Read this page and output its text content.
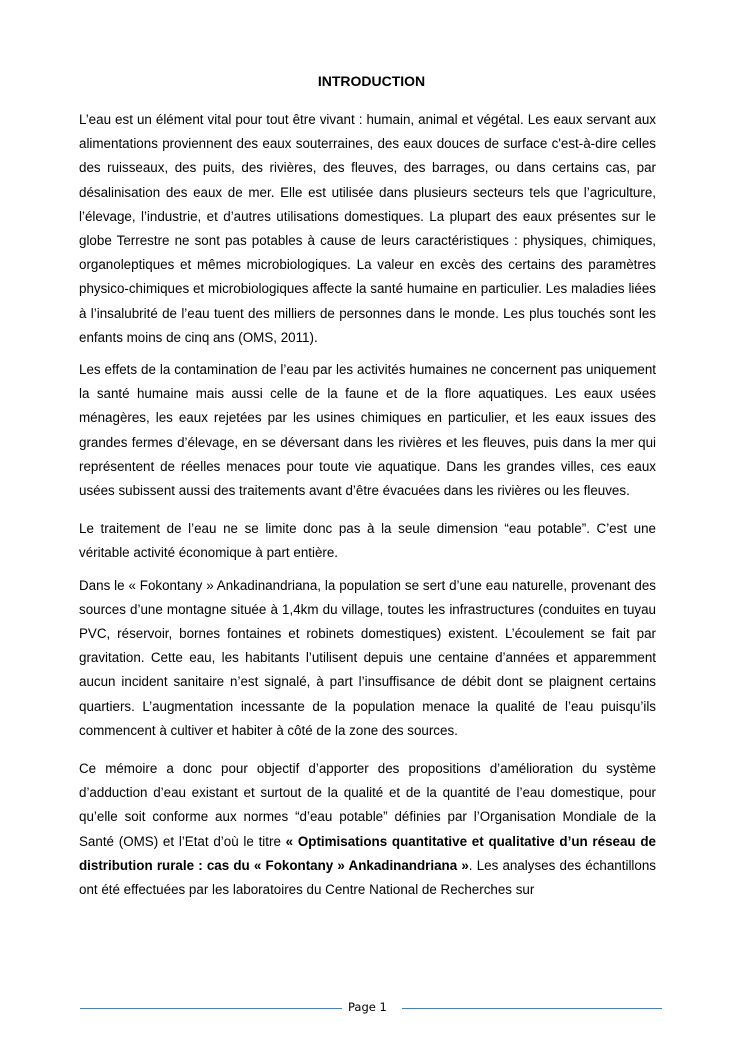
INTRODUCTION

L’eau est un élément vital pour tout être vivant : humain, animal et végétal. Les eaux servant aux alimentations proviennent des eaux souterraines, des eaux douces de surface c'est-à-dire celles des ruisseaux, des puits, des rivières, des fleuves, des barrages, ou dans certains cas, par désalinisation des eaux de mer. Elle est utilisée dans plusieurs secteurs tels que l’agriculture, l’élevage, l’industrie, et d’autres utilisations domestiques. La plupart des eaux présentes sur le globe Terrestre ne sont pas potables à cause de leurs caractéristiques : physiques, chimiques, organoleptiques et mêmes microbiologiques. La valeur en excès des certains des paramètres physico-chimiques et microbiologiques affecte la santé humaine en particulier. Les maladies liées à l’insalubrité de l’eau tuent des milliers de personnes dans le monde. Les plus touchés sont les enfants moins de cinq ans (OMS, 2011).

Les effets de la contamination de l’eau par les activités humaines ne concernent pas uniquement la santé humaine mais aussi celle de la faune et de la flore aquatiques. Les eaux usées ménagères, les eaux rejetées par les usines chimiques en particulier, et les eaux issues des grandes fermes d’élevage, en se déversant dans les rivières et les fleuves, puis dans la mer qui représentent de réelles menaces pour toute vie aquatique. Dans les grandes villes, ces eaux usées subissent aussi des traitements avant d’être évacuées dans les rivières ou les fleuves.

Le traitement de l’eau ne se limite donc pas à la seule dimension “eau potable”. C’est une véritable activité économique à part entière.

Dans le « Fokontany » Ankadinandriana, la population se sert d’une eau naturelle, provenant des sources d’une montagne située à 1,4km du village, toutes les infrastructures (conduites en tuyau PVC, réservoir, bornes fontaines et robinets domestiques) existent. L’écoulement se fait par gravitation. Cette eau, les habitants l’utilisent depuis une centaine d’années et apparemment aucun incident sanitaire n’est signalé, à part l’insuffisance de débit dont se plaignent certains quartiers. L’augmentation incessante de la population menace la qualité de l’eau puisqu’ils commencent à cultiver et habiter à côté de la zone des sources.

Ce mémoire a donc pour objectif d’apporter des propositions d’amélioration du système d’adduction d’eau existant et surtout de la qualité et de la quantité de l’eau domestique, pour qu’elle soit conforme aux normes “d’eau potable” définies par l’Organisation Mondiale de la Santé (OMS) et l’Etat d’où le titre « Optimisations quantitative et qualitative d’un réseau de distribution rurale : cas du « Fokontany » Ankadinandriana ». Les analyses des échantillons ont été effectuées par les laboratoires du Centre National de Recherches sur

Page 1
